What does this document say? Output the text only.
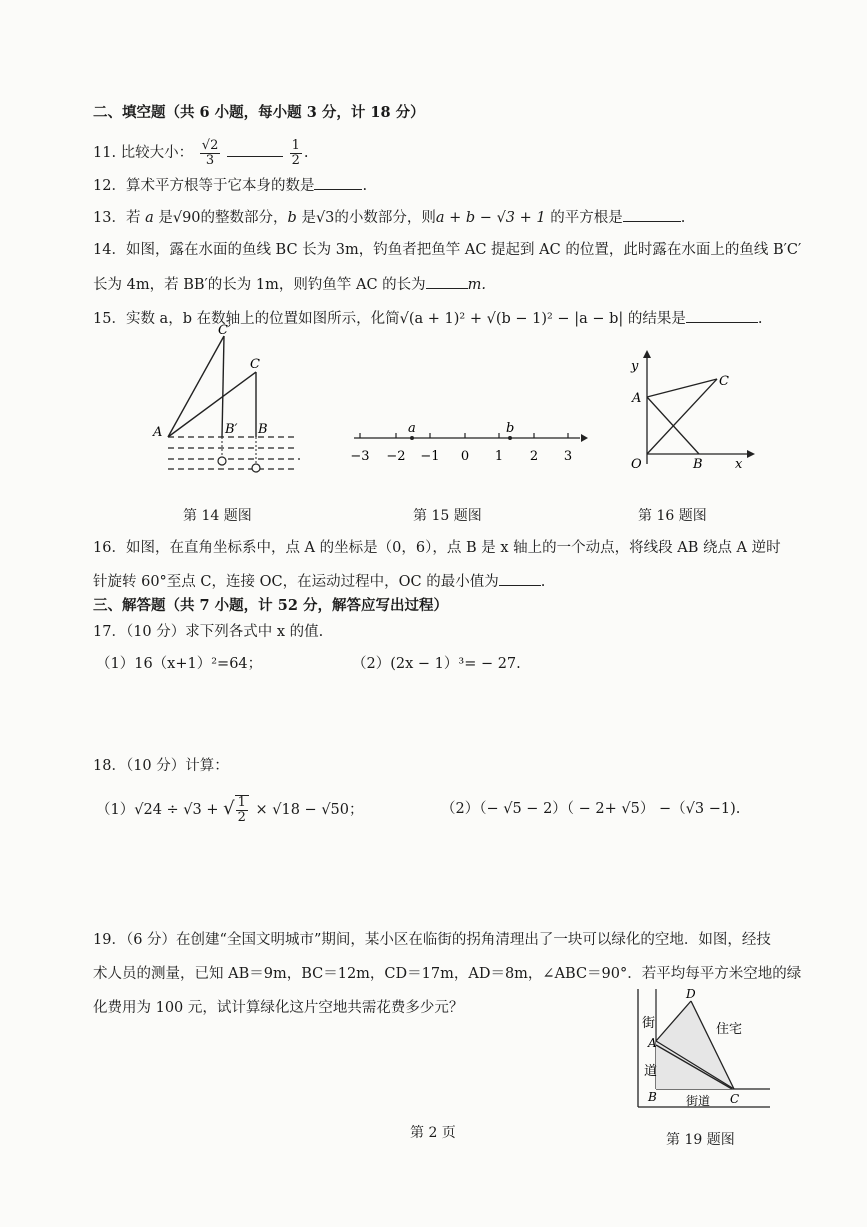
二、填空题（共 6 小题，每小题 3 分，计 18 分）
11. 比较大小： $\frac{√2}{3}$
	$\frac{1}{2}$ .
12．算术平方根等于它本身的数是	.
13．若 a 是√90的整数部分，b 是√3的小数部分，则a + b − √3 + 1 的平方根是	.
14．如图，露在水面的鱼线 BC 长为 3m，钓鱼者把鱼竿 AC 提起到 AC 的位置，此时露在水面上的鱼线 B′C′
长为 4m，若 BB′的长为 1m，则钓鱼竿 AC 的长为	m.
15．实数 a，b 在数轴上的位置如图所示，化简√(a + 1)² + √(b − 1)² − |a − b| 的结果是	.
C′
C
A	B′ B
第 14 题图
a	b
−3 −2 −1 0 1 2 3
第 15 题图
y
A
C
O	B x
第 16 题图
16．如图，在直角坐标系中，点 A 的坐标是（0，6），点 B 是 x 轴上的一个动点，将线段 AB 绕点 A 逆时
针旋转 60°至点 C，连接 OC，在运动过程中，OC 的最小值为	.
三、解答题（共 7 小题，计 52 分，解答应写出过程）
17．（10 分）求下列各式中 x 的值.
（1）16（x+1）²=64；	（2）(2x − 1）³= − 27.
18．（10 分）计算：
（1）√24 ÷ √3 + √ $\frac{1}{2} \times √18 - √50$；	（2）（− √5 − 2）（ − 2+ √5） −（√3 −1).
19．（6 分）在创建“全国文明城市”期间，某小区在临街的拐角清理出了一块可以绿化的空地．如图，经技
术人员的测量，已知 AB＝9m，BC＝12m，CD＝17m，AD＝8m，∠ABC＝90°．若平均每平方米空地的绿
化费用为 100 元，试计算绿化这片空地共需花费多少元？
D
A
B	C
街
道
街道
住宅
第 19 题图
第 2 页
